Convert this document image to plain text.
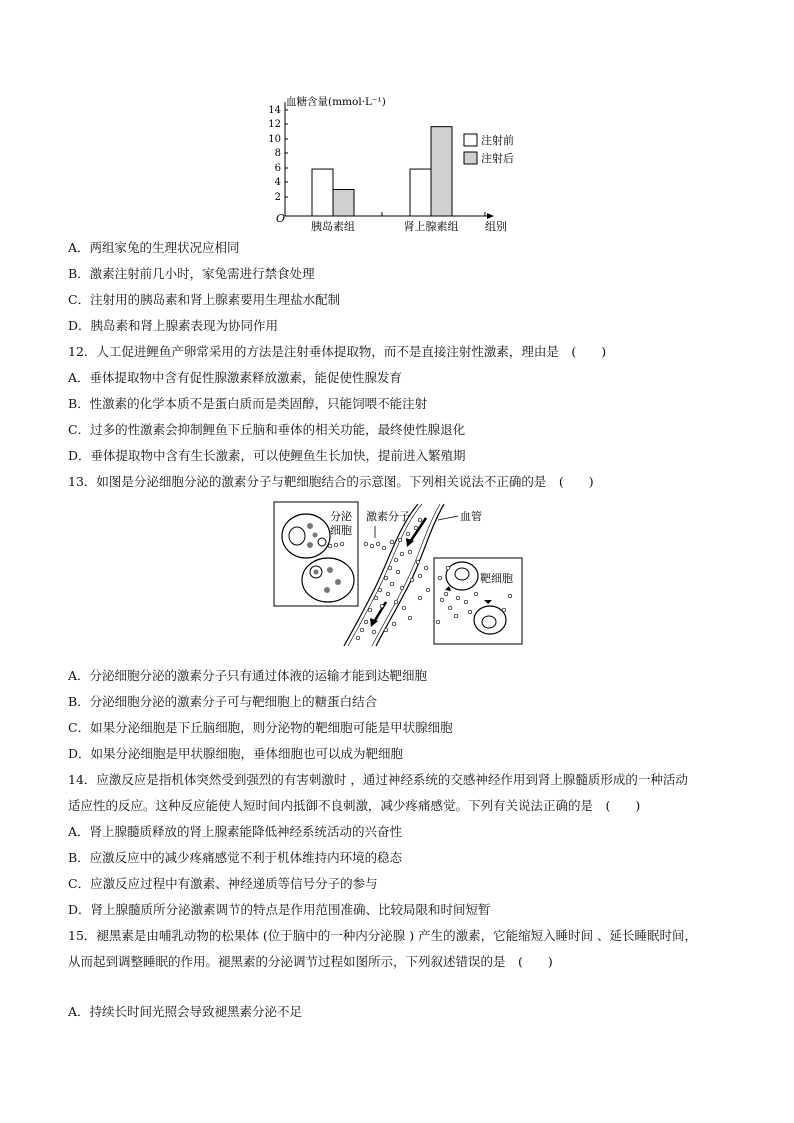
血糖含量(mmol·L⁻¹)
14
12
10
8
6
4
2
O
胰岛素组	肾上腺素组 组别
注射前
注射后
A．两组家兔的生理状况应相同
B．激素注射前几小时，家兔需进行禁食处理
C．注射用的胰岛素和肾上腺素要用生理盐水配制
D．胰岛素和肾上腺素表现为协同作用
12．人工促进鲤鱼产卵常采用的方法是注射垂体提取物，而不是直接注射性激素，理由是　(　　)
A．垂体提取物中含有促性腺激素释放激素，能促使性腺发育
B．性激素的化学本质不是蛋白质而是类固醇，只能饲喂不能注射
C．过多的性激素会抑制鲤鱼下丘脑和垂体的相关功能，最终使性腺退化
D．垂体提取物中含有生长激素，可以使鲤鱼生长加快，提前进入繁殖期
13．如图是分泌细胞分泌的激素分子与靶细胞结合的示意图。下列相关说法不正确的是　(　　)
分泌
细胞
激素分子	血管
靶细胞
A．分泌细胞分泌的激素分子只有通过体液的运输才能到达靶细胞
B．分泌细胞分泌的激素分子可与靶细胞上的糖蛋白结合
C．如果分泌细胞是下丘脑细胞，则分泌物的靶细胞可能是甲状腺细胞
D．如果分泌细胞是甲状腺细胞，垂体细胞也可以成为靶细胞
14．应激反应是指机体突然受到强烈的有害刺激时 ，通过神经系统的交感神经作用到肾上腺髓质形成的一种活动
适应性的反应。这种反应能使人短时间内抵御不良刺激，减少疼痛感觉。下列有关说法正确的是　(　　)
A．肾上腺髓质释放的肾上腺素能降低神经系统活动的兴奋性
B．应激反应中的减少疼痛感觉不利于机体维持内环境的稳态
C．应激反应过程中有激素、神经递质等信号分子的参与
D．肾上腺髓质所分泌激素调节的特点是作用范围准确、比较局限和时间短暂
15．褪黑素是由哺乳动物的松果体 (位于脑中的一种内分泌腺 ) 产生的激素，它能缩短入睡时间 、延长睡眠时间，
从而起到调整睡眠的作用。褪黑素的分泌调节过程如图所示，下列叙述错误的是　(　　)
A．持续长时间光照会导致褪黑素分泌不足
